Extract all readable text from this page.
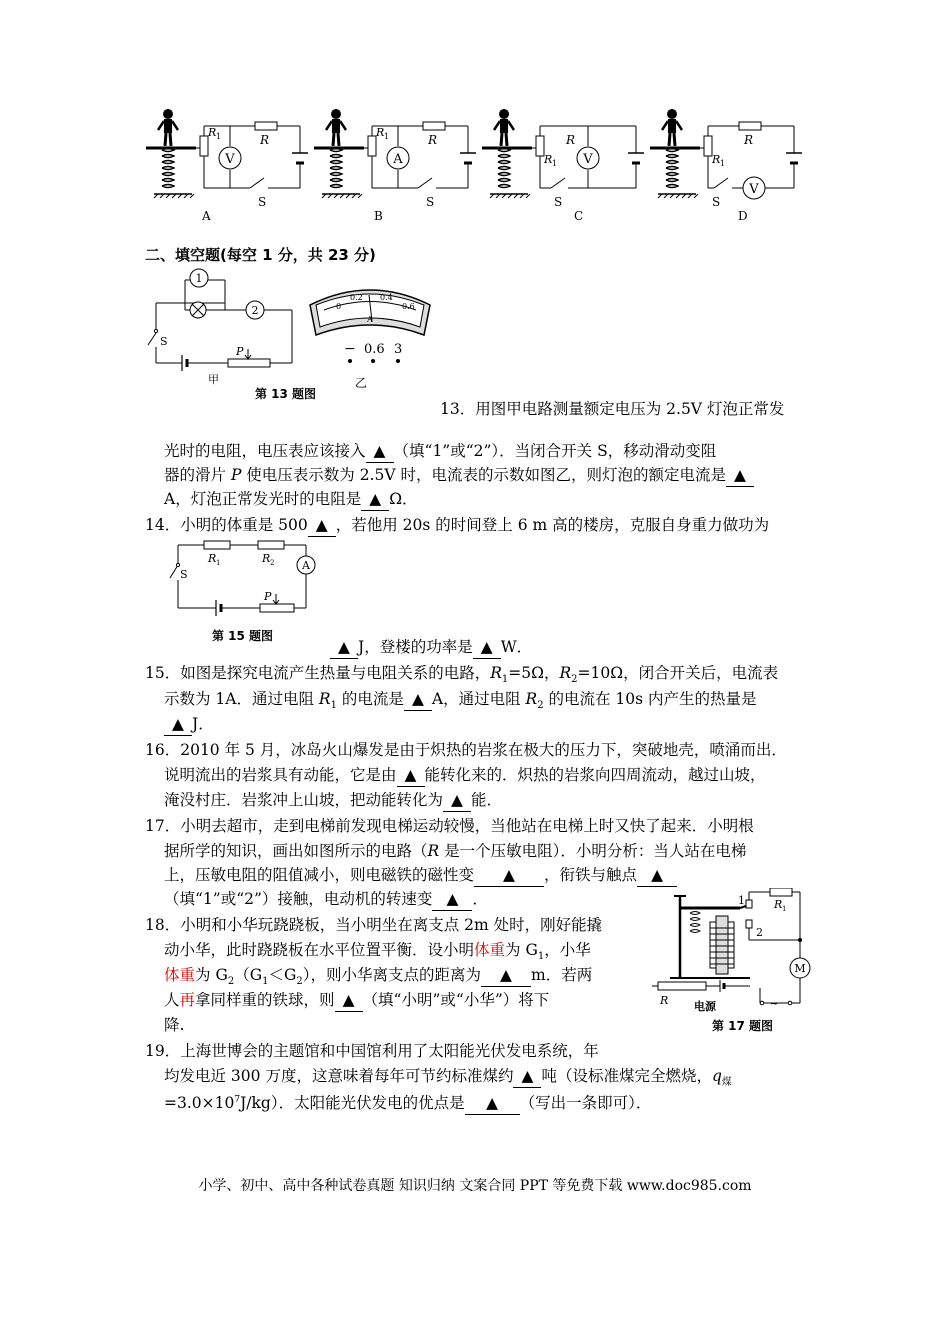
V
R 1	R
S
A
A
R 1	R
S
B
V
R 1
R
S
C
V
R 1
R
S
D
二、填空题(每空 1 分，共 23 分)
1
2
S
P
甲
第 13 题图
0
0.2 0.4
0.6
A
− 0.6 3
乙
13．用图甲电路测量额定电压为 2.5V 灯泡正常发
光时的电阻，电压表应该接入 ▲ （填“1”或“2”）．当闭合开关 S，移动滑动变阻
器的滑片 P 使电压表示数为 2.5V 时，电流表的示数如图乙，则灯泡的额定电流是 ▲
A，灯泡正常发光时的电阻是 ▲ Ω．
14．小明的体重是 500 ▲ ，若他用 20s 的时间登上 6 m 高的楼房，克服自身重力做功为
A
R 1	R 2
S
P
第 15 题图
▲ J，登楼的功率是 ▲ W．
15．如图是探究电流产生热量与电阻关系的电路，$R_1=5\Omega$，$R_2=10\Omega$，闭合开关后，电流表
示数为 1A．通过电阻 $R_1$ 的电流是 ▲ A，通过电阻 $R_2$ 的电流在 10s 内产生的热量是
▲ J．
16．2010 年 5 月，冰岛火山爆发是由于炽热的岩浆在极大的压力下，突破地壳，喷涌而出．
说明流出的岩浆具有动能，它是由 ▲ 能转化来的．炽热的岩浆向四周流动，越过山坡，
淹没村庄．岩浆冲上山坡，把动能转化为 ▲ 能．
17．小明去超市，走到电梯前发现电梯运动较慢，当他站在电梯上时又快了起来．小明根
据所学的知识，画出如图所示的电路（R 是一个压敏电阻）．小明分析：当人站在电梯
上，压敏电阻的阻值减小，则电磁铁的磁性变 ▲ ，衔铁与触点 ▲
（填“1”或“2”）接触，电动机的转速变 ▲ ．	1
2
R 1
M
~
R 电源
第 17 题图
18．小明和小华玩跷跷板，当小明坐在离支点 2m 处时，刚好能撬
动小华，此时跷跷板在水平位置平衡．设小明体重为 $G_1$，小华
体重为 $G_2(G_1<G_2)$，则小华离支点的距离为 ▲ m．若两
人再拿同样重的铁球，则 ▲ （填“小明”或“小华”）将下
降.
19．上海世博会的主题馆和中国馆利用了太阳能光伏发电系统，年
均发电近 300 万度，这意味着每年可节约标准煤约 ▲ 吨（设标准煤完全燃烧，$q_煤$
$=3.0\times 10^7J/kg$）．太阳能光伏发电的优点是 ▲ （写出一条即可）．
小学、初中、高中各种试卷真题 知识归纳 文案合同 PPT 等免费下载 www.doc985.com
